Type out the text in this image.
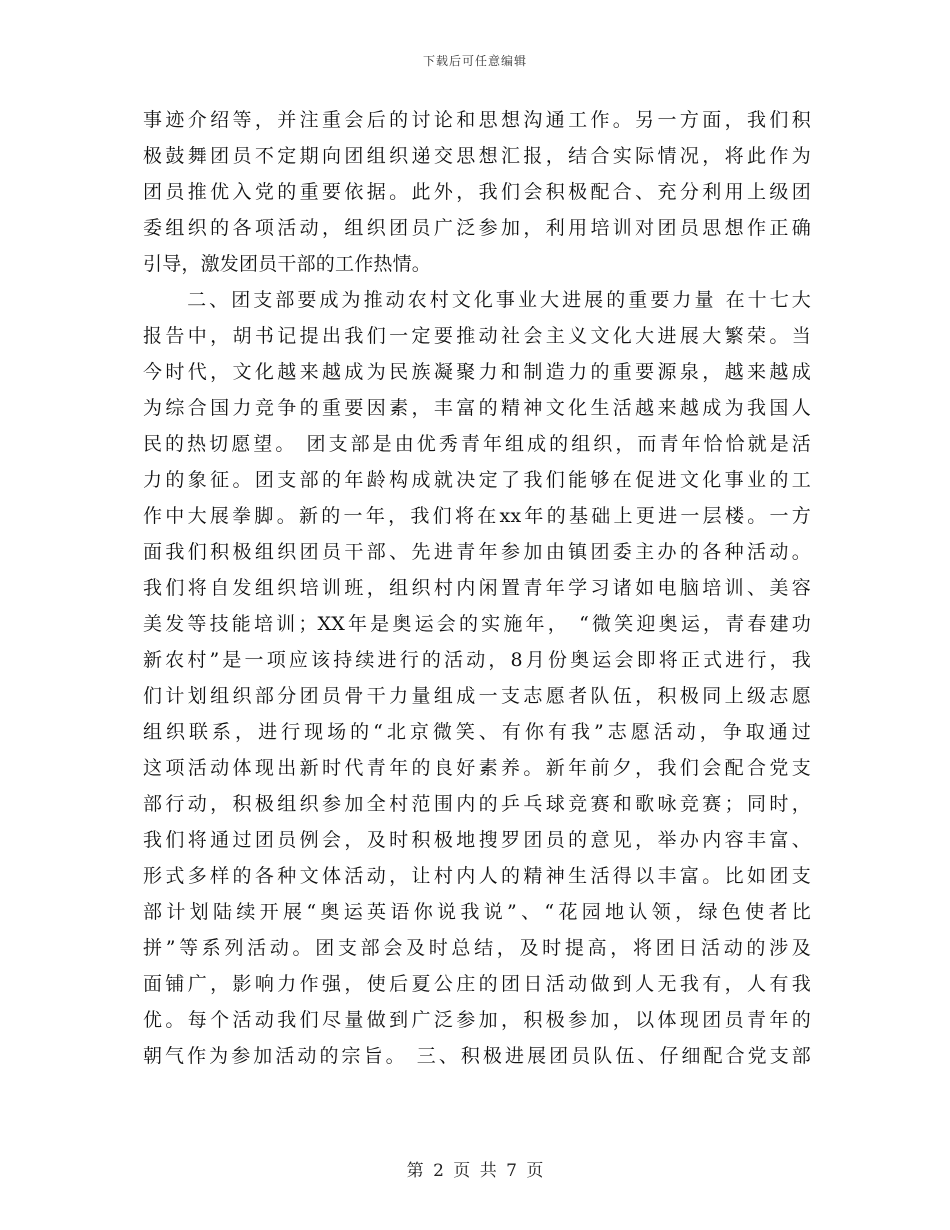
下载后可任意编辑
事迹介绍等，并注重会后的讨论和思想沟通工作。另一方面，我们积
极鼓舞团员不定期向团组织递交思想汇报，结合实际情况，将此作为
团员推优入党的重要依据。此外，我们会积极配合、充分利用上级团
委组织的各项活动，组织团员广泛参加，利用培训对团员思想作正确
引导，激发团员干部的工作热情。
　　二、团支部要成为推动农村文化事业大进展的重要力量 在十七大
报告中，胡书记提出我们一定要推动社会主义文化大进展大繁荣。当
今时代，文化越来越成为民族凝聚力和制造力的重要源泉，越来越成
为综合国力竞争的重要因素，丰富的精神文化生活越来越成为我国人
民的热切愿望。 团支部是由优秀青年组成的组织，而青年恰恰就是活
力的象征。团支部的年龄构成就决定了我们能够在促进文化事业的工
作中大展拳脚。新的一年，我们将在xx年的基础上更进一层楼。一方
面我们积极组织团员干部、先进青年参加由镇团委主办的各种活动。
我们将自发组织培训班，组织村内闲置青年学习诸如电脑培训、美容
美发等技能培训；XX年是奥运会的实施年， “微笑迎奥运，青春建功
新农村”是一项应该持续进行的活动，8月份奥运会即将正式进行，我
们计划组织部分团员骨干力量组成一支志愿者队伍，积极同上级志愿
组织联系，进行现场的“北京微笑、有你有我”志愿活动，争取通过
这项活动体现出新时代青年的良好素养。新年前夕，我们会配合党支
部行动，积极组织参加全村范围内的乒乓球竞赛和歌咏竞赛；同时，
我们将通过团员例会，及时积极地搜罗团员的意见，举办内容丰富、
形式多样的各种文体活动，让村内人的精神生活得以丰富。比如团支
部计划陆续开展“奥运英语你说我说”、“花园地认领，绿色使者比
拼”等系列活动。团支部会及时总结，及时提高，将团日活动的涉及
面铺广，影响力作强，使后夏公庄的团日活动做到人无我有，人有我
优。每个活动我们尽量做到广泛参加，积极参加，以体现团员青年的
朝气作为参加活动的宗旨。 三、积极进展团员队伍、仔细配合党支部
第 2 页 共 7 页
